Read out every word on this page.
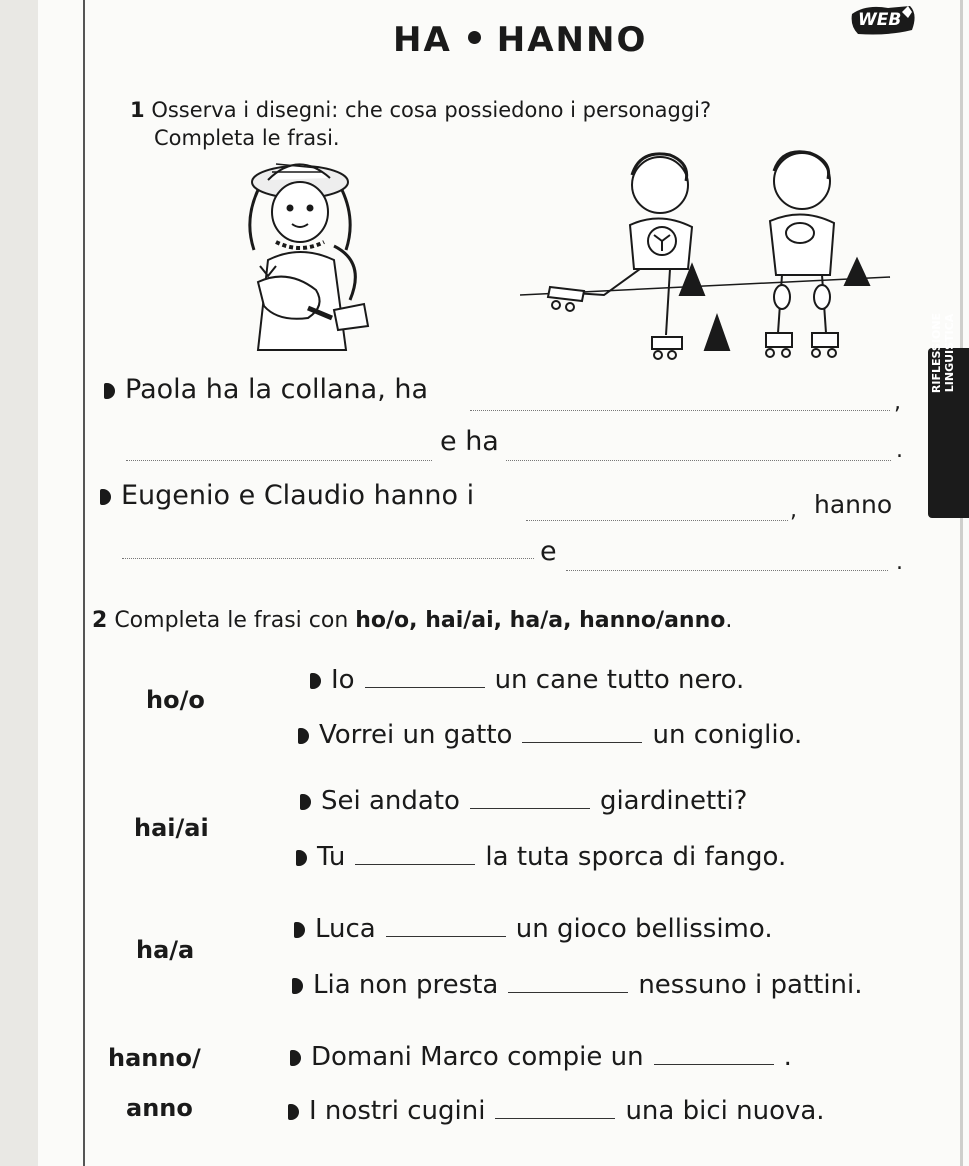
HA HANNO	WEB
1 Osserva i disegni: che cosa possiedono i personaggi?
Completa le frasi.
Paola ha la collana, ha	,
e ha	.
Eugenio e Claudio hanno i	, hanno
e	.
RIFLESSIONE LINGUISTICA
2 Completa le frasi con ho/o, hai/ai, ha/a, hanno/anno.
ho/o
Io	un cane tutto nero.
Vorrei un gatto	un coniglio.
hai/ai
Sei andato	giardinetti?
Tu	la tuta sporca di fango.
ha/a
Luca	un gioco bellissimo.
Lia non presta	nessuno i pattini.
hanno/
anno
Domani Marco compie un	.
I nostri cugini	una bici nuova.
